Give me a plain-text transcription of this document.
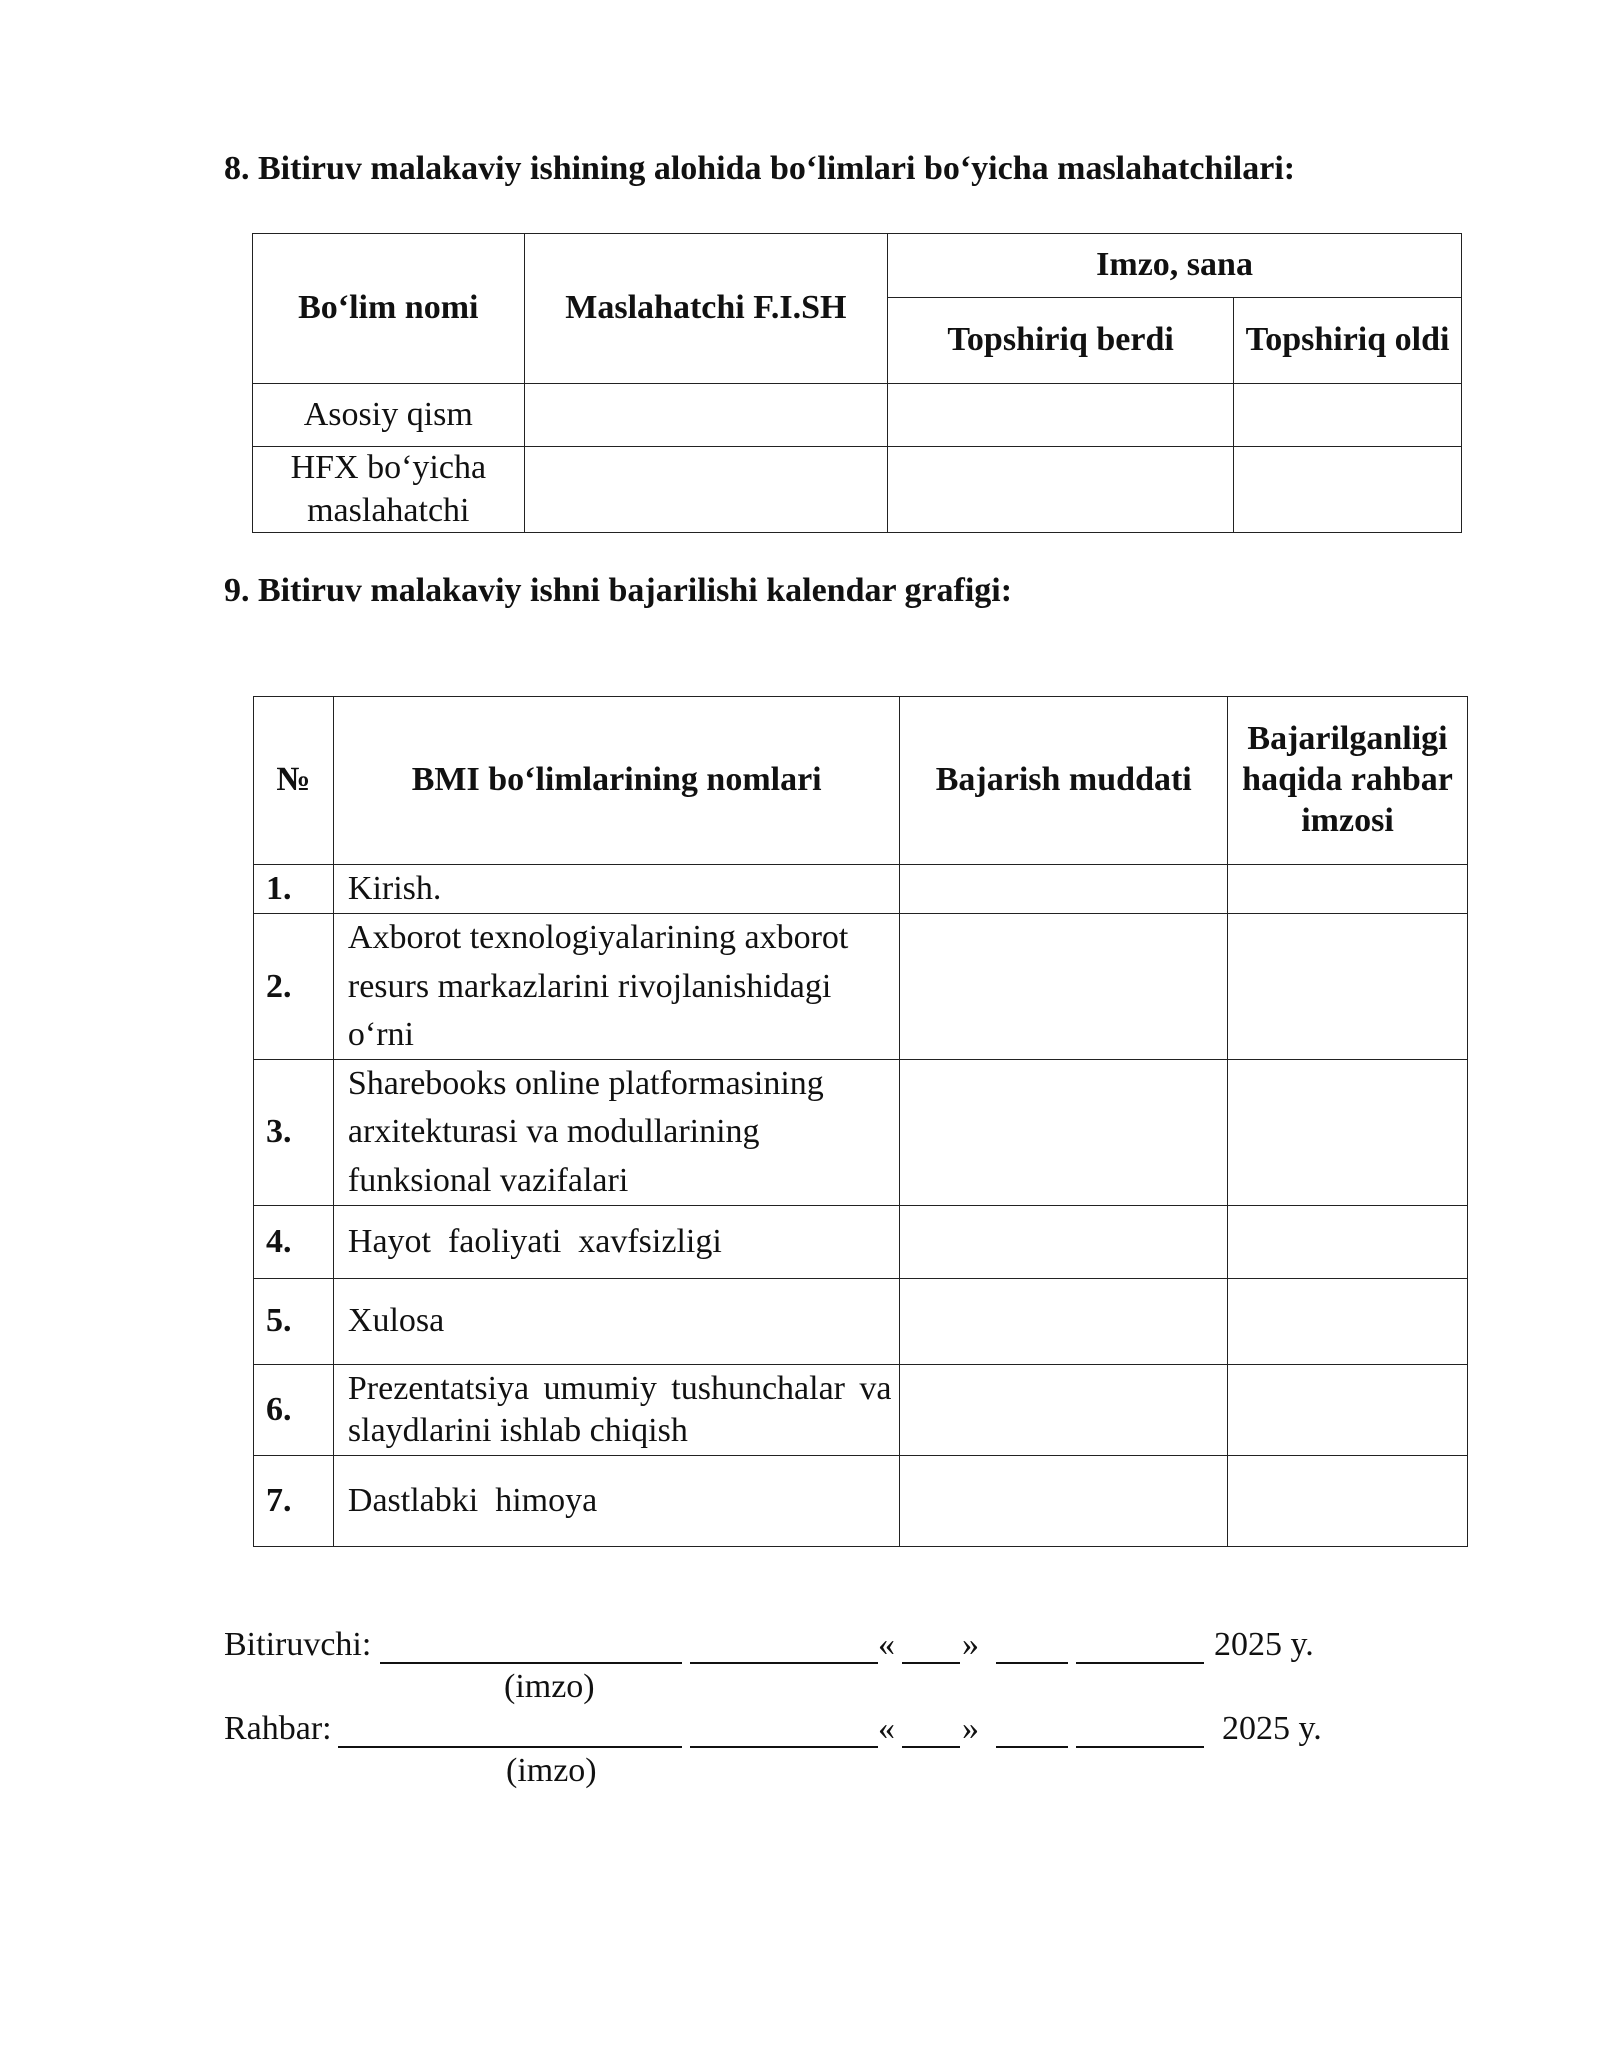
8. Bitiruv malakaviy ishining alohida bo‘limlari bo‘yicha maslahatchilari:
Bo‘lim nomi	Maslahatchi F.I.SH	Imzo, sana	
		Topshiriq berdi	Topshiriq oldi
Asosiy qism			
HFX bo‘yicha maslahatchi			
9. Bitiruv malakaviy ishni bajarilishi kalendar grafigi:
№	BMI bo‘limlarining nomlari	Bajarish muddati	Bajarilganligi haqida rahbar imzosi
1.	Kirish.		
2.	Axborot texnologiyalarining axborot resurs markazlarini rivojlanishidagi o‘rni		
3.	Sharebooks online platformasining arxitekturasi va modullarining funksional vazifalari		
4.	Hayot  faoliyati  xavfsizligi		
5.	Xulosa		
6.	Prezentatsiya umumiy tushunchalar va slaydlarini ishlab chiqish		
7.	Dastlabki  himoya		
Bitiruvchi:	« »	2025 y.
(imzo)
Rahbar:	« »	2025 y.
(imzo)
